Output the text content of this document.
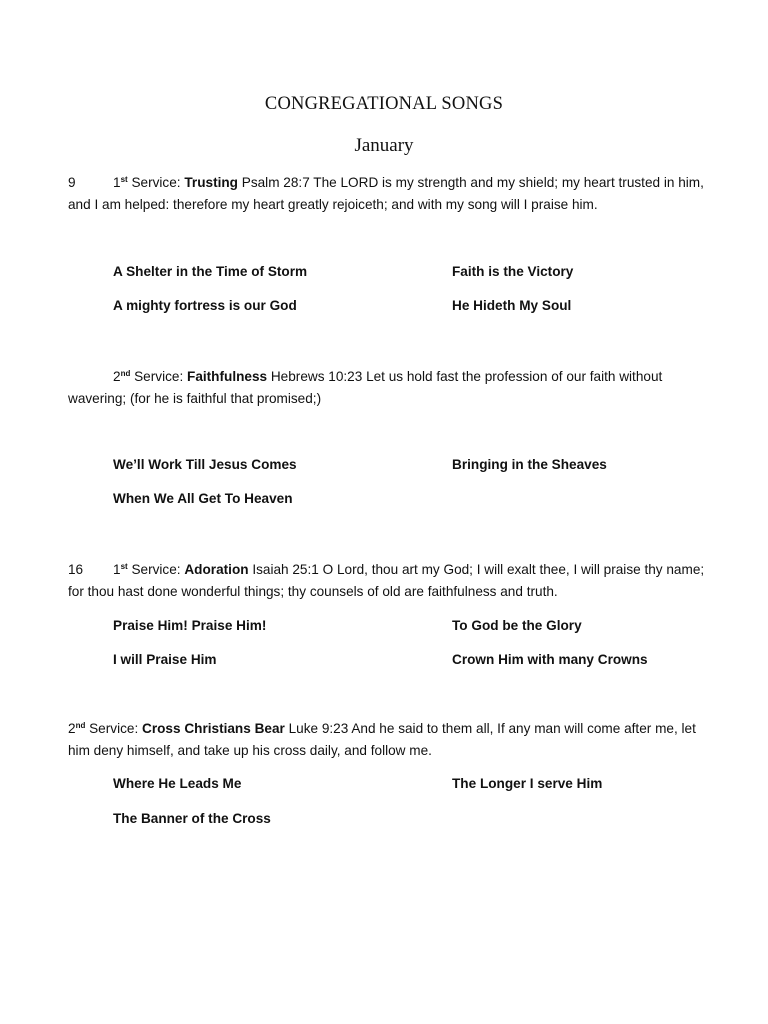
CONGREGATIONAL SONGS
January
9	1st Service: Trusting Psalm 28:7 The LORD is my strength and my shield; my heart trusted in him, and I am helped: therefore my heart greatly rejoiceth; and with my song will I praise him.
A Shelter in the Time of Storm	Faith is the Victory
A mighty fortress is our God	He Hideth My Soul
2nd Service: Faithfulness Hebrews 10:23 Let us hold fast the profession of our faith without wavering; (for he is faithful that promised;)
We’ll Work Till Jesus Comes	Bringing in the Sheaves
When We All Get To Heaven
16 1st Service: Adoration Isaiah 25:1 O Lord, thou art my God; I will exalt thee, I will praise thy name; for thou hast done wonderful things; thy counsels of old are faithfulness and truth.
Praise Him! Praise Him!	To God be the Glory
I will Praise Him	Crown Him with many Crowns
2nd Service: Cross Christians Bear Luke 9:23 And he said to them all, If any man will come after me, let him deny himself, and take up his cross daily, and follow me.
Where He Leads Me	The Longer I serve Him
The Banner of the Cross
